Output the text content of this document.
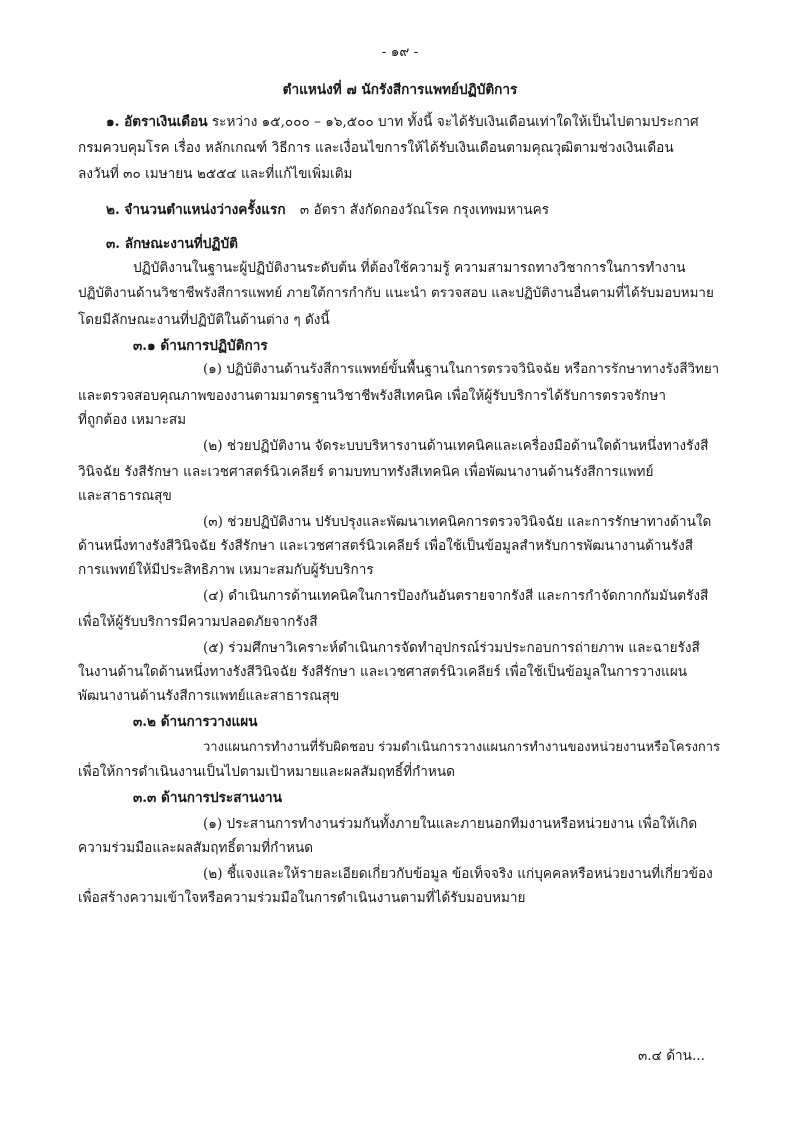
- ๑๙ -
ตำแหน่งที่ ๗ นักรังสีการแพทย์ปฏิบัติการ
๑. อัตราเงินเดือน ระหว่าง ๑๕,๐๐๐ – ๑๖,๕๐๐ บาท ทั้งนี้ จะได้รับเงินเดือนเท่าใดให้เป็นไปตามประกาศ
กรมควบคุมโรค เรื่อง หลักเกณฑ์ วิธีการ และเงื่อนไขการให้ได้รับเงินเดือนตามคุณวุฒิตามช่วงเงินเดือน
ลงวันที่ ๓๐ เมษายน ๒๕๕๔ และที่แก้ไขเพิ่มเติม
๒. จำนวนตำแหน่งว่างครั้งแรก ๓ อัตรา สังกัดกองวัณโรค กรุงเทพมหานคร
๓. ลักษณะงานที่ปฏิบัติ
ปฏิบัติงานในฐานะผู้ปฏิบัติงานระดับต้น ที่ต้องใช้ความรู้ ความสามารถทางวิชาการในการทำงาน
ปฏิบัติงานด้านวิชาชีพรังสีการแพทย์ ภายใต้การกำกับ แนะนำ ตรวจสอบ และปฏิบัติงานอื่นตามที่ได้รับมอบหมาย
โดยมีลักษณะงานที่ปฏิบัติในด้านต่าง ๆ ดังนี้
๓.๑ ด้านการปฏิบัติการ
(๑) ปฏิบัติงานด้านรังสีการแพทย์ขั้นพื้นฐานในการตรวจวินิจฉัย หรือการรักษาทางรังสีวิทยา
และตรวจสอบคุณภาพของงานตามมาตรฐานวิชาชีพรังสีเทคนิค เพื่อให้ผู้รับบริการได้รับการตรวจรักษา
ที่ถูกต้อง เหมาะสม
(๒) ช่วยปฏิบัติงาน จัดระบบบริหารงานด้านเทคนิคและเครื่องมือด้านใดด้านหนึ่งทางรังสี
วินิจฉัย รังสีรักษา และเวชศาสตร์นิวเคลียร์ ตามบทบาทรังสีเทคนิค เพื่อพัฒนางานด้านรังสีการแพทย์
และสาธารณสุข
(๓) ช่วยปฏิบัติงาน ปรับปรุงและพัฒนาเทคนิคการตรวจวินิจฉัย และการรักษาทางด้านใด
ด้านหนึ่งทางรังสีวินิจฉัย รังสีรักษา และเวชศาสตร์นิวเคลียร์ เพื่อใช้เป็นข้อมูลสำหรับการพัฒนางานด้านรังสี
การแพทย์ให้มีประสิทธิภาพ เหมาะสมกับผู้รับบริการ
(๔) ดำเนินการด้านเทคนิคในการป้องกันอันตรายจากรังสี และการกำจัดกากกัมมันตรังสี
เพื่อให้ผู้รับบริการมีความปลอดภัยจากรังสี
(๕) ร่วมศึกษาวิเคราะห์ดำเนินการจัดทำอุปกรณ์ร่วมประกอบการถ่ายภาพ และฉายรังสี
ในงานด้านใดด้านหนึ่งทางรังสีวินิจฉัย รังสีรักษา และเวชศาสตร์นิวเคลียร์ เพื่อใช้เป็นข้อมูลในการวางแผน
พัฒนางานด้านรังสีการแพทย์และสาธารณสุข
๓.๒ ด้านการวางแผน
วางแผนการทำงานที่รับผิดชอบ ร่วมดำเนินการวางแผนการทำงานของหน่วยงานหรือโครงการ
เพื่อให้การดำเนินงานเป็นไปตามเป้าหมายและผลสัมฤทธิ์ที่กำหนด
๓.๓ ด้านการประสานงาน
(๑) ประสานการทำงานร่วมกันทั้งภายในและภายนอกทีมงานหรือหน่วยงาน เพื่อให้เกิด
ความร่วมมือและผลสัมฤทธิ์ตามที่กำหนด
(๒) ชี้แจงและให้รายละเอียดเกี่ยวกับข้อมูล ข้อเท็จจริง แก่บุคคลหรือหน่วยงานที่เกี่ยวข้อง
เพื่อสร้างความเข้าใจหรือความร่วมมือในการดำเนินงานตามที่ได้รับมอบหมาย
๓.๔ ด้าน...
